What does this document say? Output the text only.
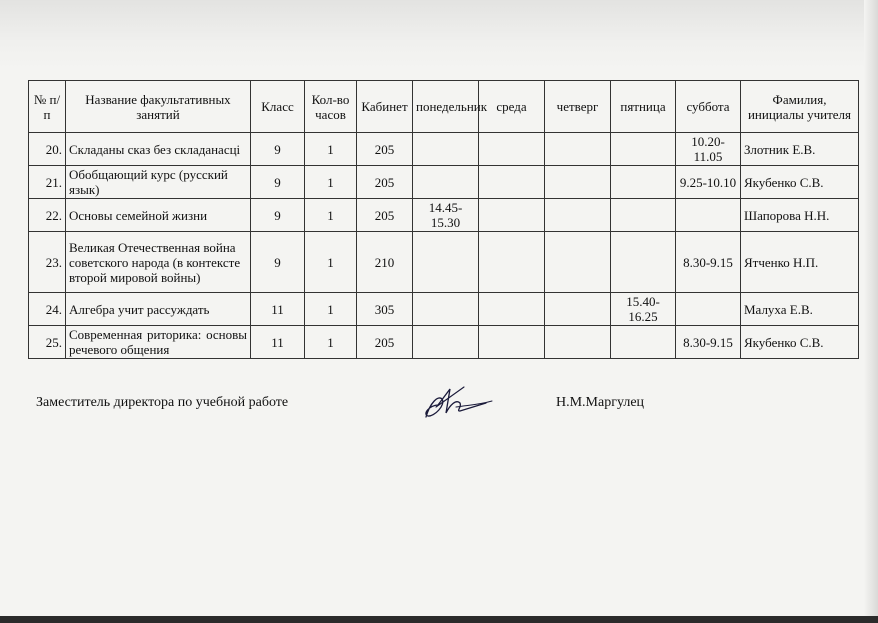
№ п/п	Название факультативных занятий	Класс	Кол-во часов	Кабинет	понедельник	среда	четверг	пятница	суббота	Фамилия, инициалы учителя
20.	Складаны сказ без складанасці	9	1	205					10.20-11.05	Злотник Е.В.
21.	Обобщающий курс (русский язык)	9	1	205					9.25-10.10	Якубенко С.В.
22.	Основы семейной жизни	9	1	205	14.45-15.30					Шапорова Н.Н.
23.	Великая Отечественная война советского народа (в контексте второй мировой войны)	9	1	210					8.30-9.15	Ятченко Н.П.
24.	Алгебра учит рассуждать	11	1	305				15.40-16.25		Малуха Е.В.
25.	Современная риторика: основы речевого общения	11	1	205					8.30-9.15	Якубенко С.В.
Заместитель директора по учебной работе	Н.М.Маргулец
